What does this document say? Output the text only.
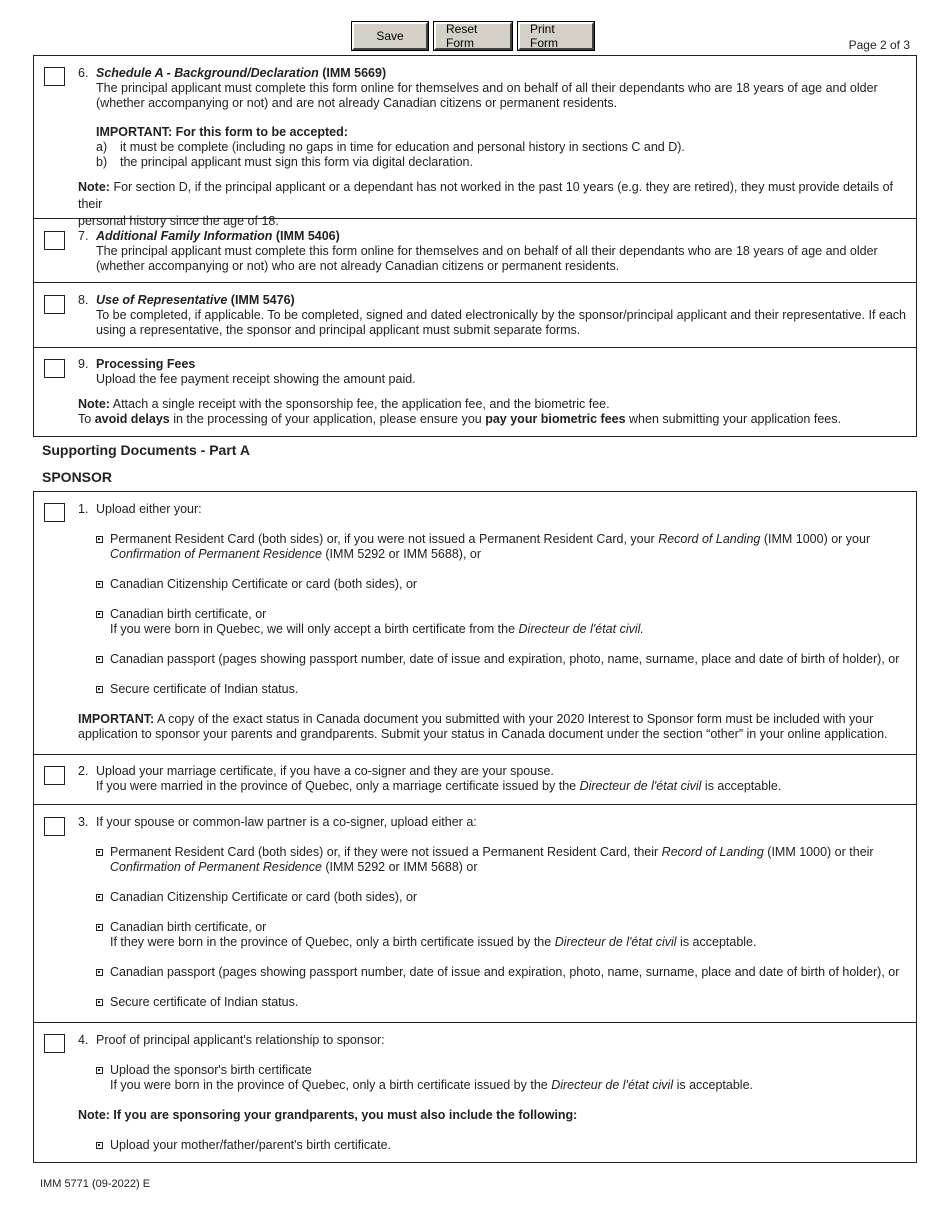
Save	Reset Form
Print Form	Page 2 of 3
6. Schedule A - Background/Declaration (IMM 5669)
The principal applicant must complete this form online for themselves and on behalf of all their dependants who are 18 years of age and older
(whether accompanying or not) and are not already Canadian citizens or permanent residents.
IMPORTANT: For this form to be accepted:
a) it must be complete (including no gaps in time for education and personal history in sections C and D).
b) the principal applicant must sign this form via digital declaration.
Note: For section D, if the principal applicant or a dependant has not worked in the past 10 years (e.g. they are retired), they must provide details of their
personal history since the age of 18.
7. Additional Family Information (IMM 5406)
The principal applicant must complete this form online for themselves and on behalf of all their dependants who are 18 years of age and older
(whether accompanying or not) who are not already Canadian citizens or permanent residents.
8. Use of Representative (IMM 5476)
To be completed, if applicable. To be completed, signed and dated electronically by the sponsor/principal applicant and their representative. If each
using a representative, the sponsor and principal applicant must submit separate forms.
9. Processing Fees
Upload the fee payment receipt showing the amount paid.
Note: Attach a single receipt with the sponsorship fee, the application fee, and the biometric fee.
To avoid delays in the processing of your application, please ensure you pay your biometric fees when submitting your application fees.
Supporting Documents - Part A
SPONSOR
1. Upload either your:
Permanent Resident Card (both sides) or, if you were not issued a Permanent Resident Card, your Record of Landing (IMM 1000) or your
Confirmation of Permanent Residence (IMM 5292 or IMM 5688), or
Canadian Citizenship Certificate or card (both sides), or
Canadian birth certificate, or
If you were born in Quebec, we will only accept a birth certificate from the Directeur de l'état civil.
Canadian passport (pages showing passport number, date of issue and expiration, photo, name, surname, place and date of birth of holder), or
Secure certificate of Indian status.
IMPORTANT: A copy of the exact status in Canada document you submitted with your 2020 Interest to Sponsor form must be included with your
application to sponsor your parents and grandparents. Submit your status in Canada document under the section “other” in your online application.
2. Upload your marriage certificate, if you have a co-signer and they are your spouse.
If you were married in the province of Quebec, only a marriage certificate issued by the Directeur de l'état civil is acceptable.
3. If your spouse or common-law partner is a co-signer, upload either a:
Permanent Resident Card (both sides) or, if they were not issued a Permanent Resident Card, their Record of Landing (IMM 1000) or their
Confirmation of Permanent Residence (IMM 5292 or IMM 5688) or
Canadian Citizenship Certificate or card (both sides), or
Canadian birth certificate, or
If they were born in the province of Quebec, only a birth certificate issued by the Directeur de l'état civil is acceptable.
Canadian passport (pages showing passport number, date of issue and expiration, photo, name, surname, place and date of birth of holder), or
Secure certificate of Indian status.
4. Proof of principal applicant's relationship to sponsor:
Upload the sponsor's birth certificate
If you were born in the province of Quebec, only a birth certificate issued by the Directeur de l'état civil is acceptable.
Note: If you are sponsoring your grandparents, you must also include the following:
Upload your mother/father/parent's birth certificate.
IMM 5771 (09-2022) E
